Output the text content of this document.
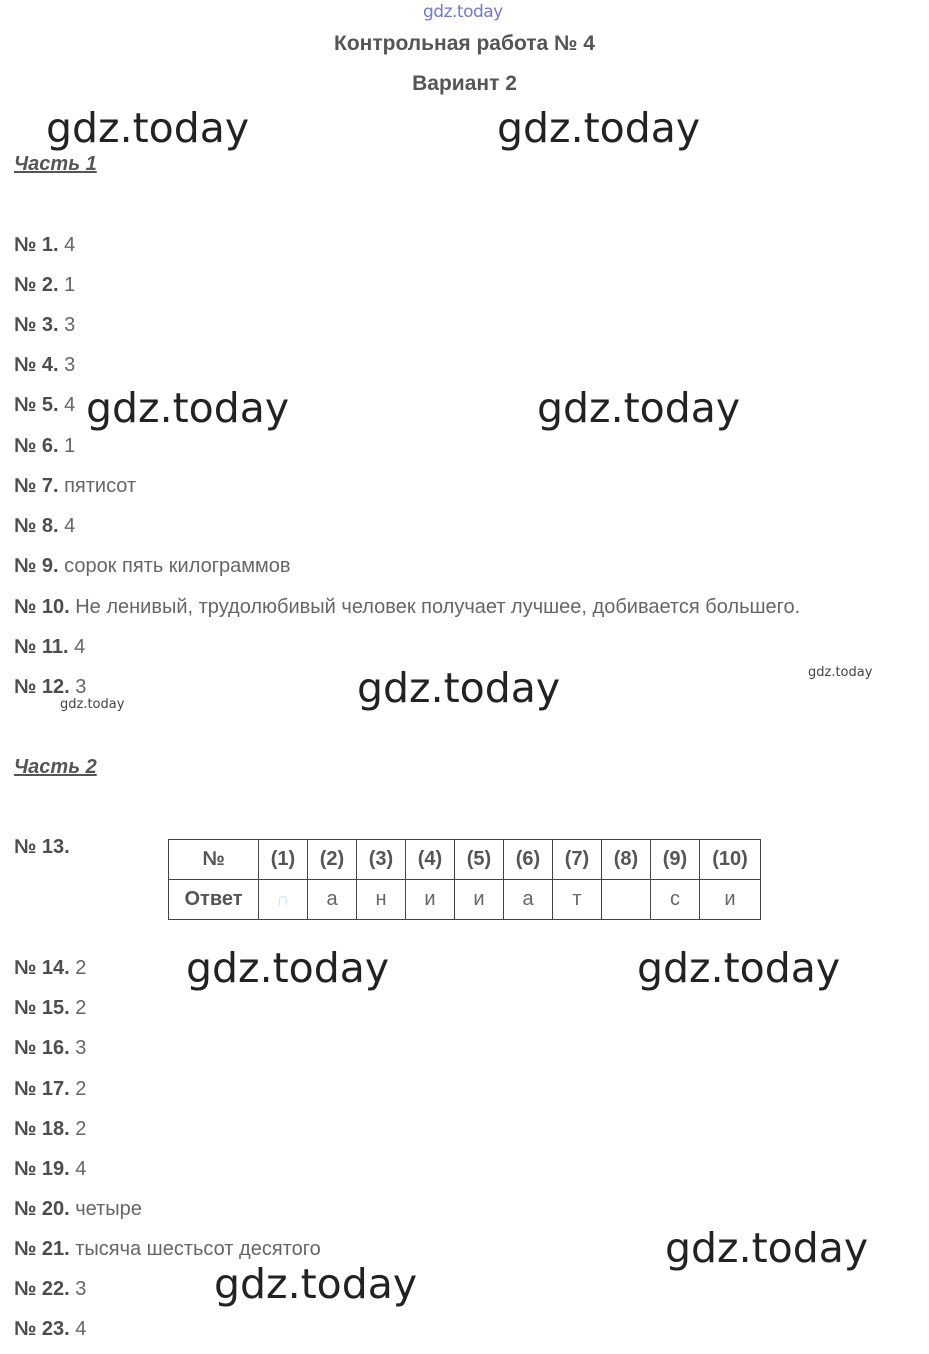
gdz.today
Контрольная работа № 4
Вариант 2
Часть 1
№ 1. 4
№ 2. 1
№ 3. 3
№ 4. 3
№ 5. 4
№ 6. 1
№ 7. пятисот
№ 8. 4
№ 9. сорок пять килограммов
№ 10. Не ленивый, трудолюбивый человек получает лучшее, добивается большего.
№ 11. 4
№ 12. 3
Часть 2
№ 13.
№	(1)	(2)	(3)	(4)	(5)	(6)	(7)	(8)	(9)	(10)
Ответ	∩	а	н	и	и	а	т		с	и
№ 14. 2
№ 15. 2
№ 16. 3
№ 17. 2
№ 18. 2
№ 19. 4
№ 20. четыре
№ 21. тысяча шестьсот десятого
№ 22. 3
№ 23. 4
gdz.today	gdz.today
gdz.today	gdz.today
gdz.today	gdz.today
gdz.today
gdz.today	gdz.today
gdz.today
gdz.today
